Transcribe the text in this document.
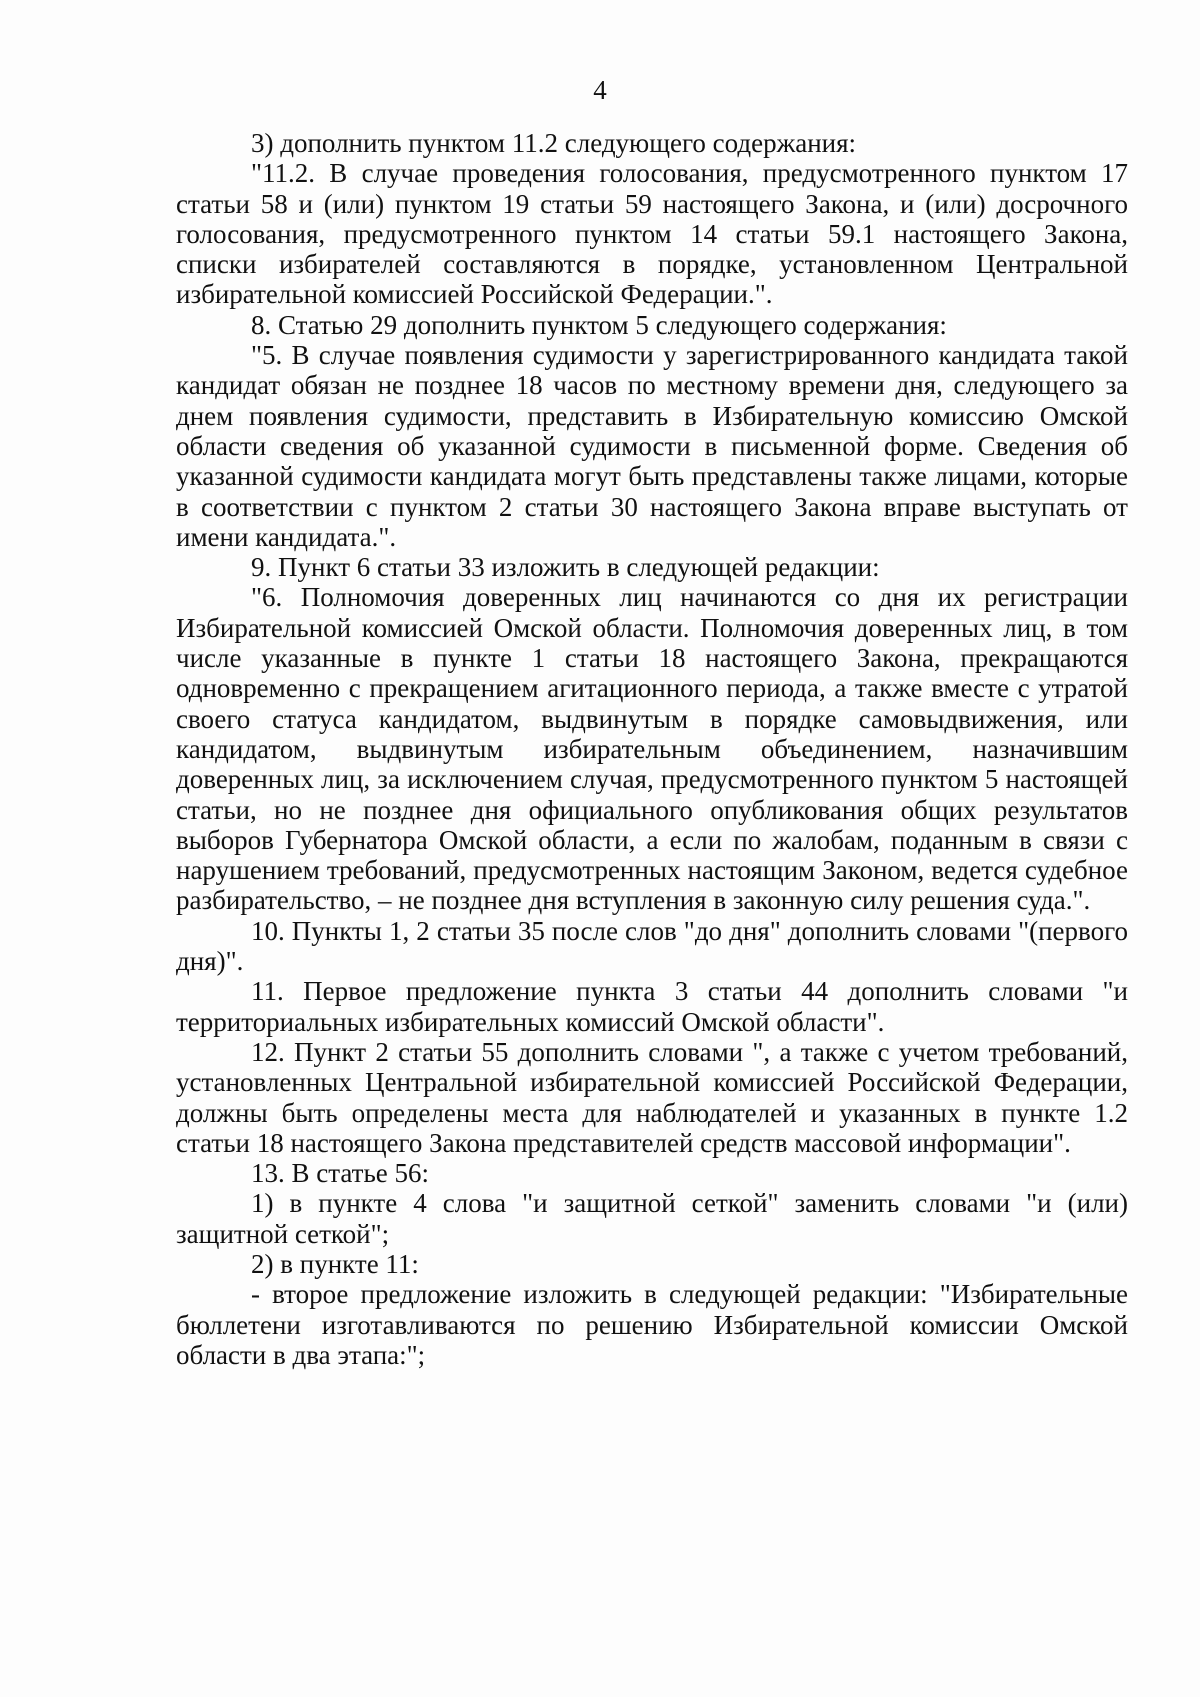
4

3) дополнить пунктом 11.2 следующего содержания:

"11.2. В случае проведения голосования, предусмотренного пунктом 17 статьи 58 и (или) пунктом 19 статьи 59 настоящего Закона, и (или) досрочного голосования, предусмотренного пунктом 14 статьи 59.1 настоящего Закона, списки избирателей составляются в порядке, установленном Центральной избирательной комиссией Российской Федерации.".

8. Статью 29 дополнить пунктом 5 следующего содержания:

"5. В случае появления судимости у зарегистрированного кандидата такой кандидат обязан не позднее 18 часов по местному времени дня, следующего за днем появления судимости, представить в Избирательную комиссию Омской области сведения об указанной судимости в письменной форме. Сведения об указанной судимости кандидата могут быть представлены также лицами, которые в соответствии с пунктом 2 статьи 30 настоящего Закона вправе выступать от имени кандидата.".

9. Пункт 6 статьи 33 изложить в следующей редакции:

"6. Полномочия доверенных лиц начинаются со дня их регистрации Избирательной комиссией Омской области. Полномочия доверенных лиц, в том числе указанные в пункте 1 статьи 18 настоящего Закона, прекращаются одновременно с прекращением агитационного периода, а также вместе с утратой своего статуса кандидатом, выдвинутым в порядке самовыдвижения, или кандидатом, выдвинутым избирательным объединением, назначившим доверенных лиц, за исключением случая, предусмотренного пунктом 5 настоящей статьи, но не позднее дня официального опубликования общих результатов выборов Губернатора Омской области, а если по жалобам, поданным в связи с нарушением требований, предусмотренных настоящим Законом, ведется судебное разбирательство, – не позднее дня вступления в законную силу решения суда.".

10. Пункты 1, 2 статьи 35 после слов "до дня" дополнить словами "(первого дня)".

11. Первое предложение пункта 3 статьи 44 дополнить словами "и территориальных избирательных комиссий Омской области".

12. Пункт 2 статьи 55 дополнить словами ", а также с учетом требований, установленных Центральной избирательной комиссией Российской Федерации, должны быть определены места для наблюдателей и указанных в пункте 1.2 статьи 18 настоящего Закона представителей средств массовой информации".

13. В статье 56:

1) в пункте 4 слова "и защитной сеткой" заменить словами "и (или) защитной сеткой";

2) в пункте 11:

- второе предложение изложить в следующей редакции: "Избирательные бюллетени изготавливаются по решению Избирательной комиссии Омской области в два этапа:";
